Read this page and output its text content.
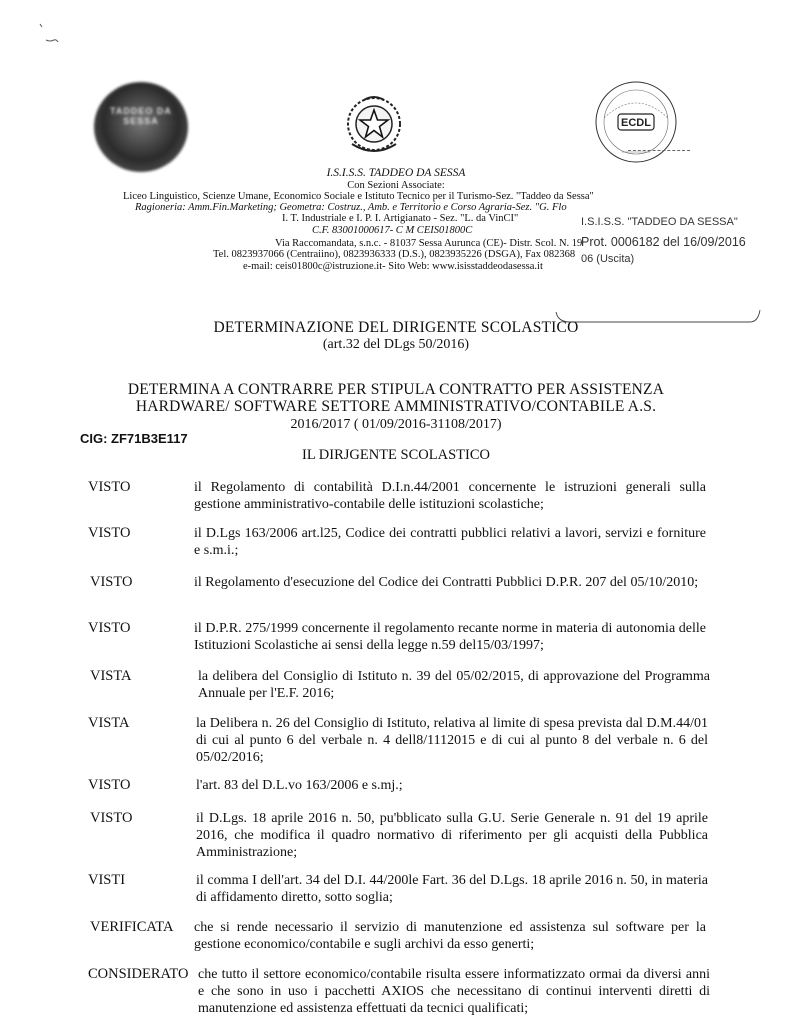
TADDEO DA SESSA	ECDL
I.S.I.S.S. TADDEO DA SESSA
Con Sezioni Associate:
Liceo Linguistico, Scienze Umane, Economico Sociale e Istituto Tecnico per il Turismo-Sez. "Taddeo da Sessa"
Ragioneria: Amm.Fin.Marketing; Geometra: Costruz., Amb. e Territorio e Corso Agraria-Sez. "G. Flo
I. T. Industriale e I. P. I. Artigianato - Sez. "L. da VinCI"
C.F. 83001000617- C M CEIS01800C
Via Raccomandata, s.n.c. - 81037 Sessa Aurunca (CE)- Distr. Scol. N. 19
Tel. 0823937066 (Centraiino), 0823936333 (D.S.), 0823935226 (DSGA), Fax 082368
e-mail: ceis01800c@istruzione.it- Sito Web: www.isisstaddeodasessa.it
I.S.I.S.S. "TADDEO DA SESSA"
Prot. 0006182 del 16/09/2016
06 (Uscita)
DETERMINAZIONE DEL DIRIGENTE SCOLASTICO
(art.32 del DLgs 50/2016)
DETERMINA A CONTRARRE PER STIPULA CONTRATTO PER ASSISTENZA
HARDWARE/ SOFTWARE SETTORE AMMINISTRATIVO/CONTABILE A.S.
2016/2017 ( 01/09/2016-31108/2017)
CIG: ZF71B3E117
IL DIRJGENTE SCOLASTICO
VISTO	il Regolamento di contabilità D.I.n.44/2001 concernente le istruzioni generali sulla gestione amministrativo-contabile delle istituzioni scolastiche;
VISTO	il D.Lgs 163/2006 art.l25, Codice dei contratti pubblici relativi a lavori, servizi e forniture e s.m.i.;
VISTO	il Regolamento d'esecuzione del Codice dei Contratti Pubblici D.P.R. 207 del 05/10/2010;
VISTO	il D.P.R. 275/1999 concernente il regolamento recante norme in materia di autonomia delle Istituzioni Scolastiche ai sensi della legge n.59 del15/03/1997;
VISTA	la delibera del Consiglio di Istituto n. 39 del 05/02/2015, di approvazione del Programma Annuale per l'E.F. 2016;
VISTA	la Delibera n. 26 del Consiglio di Istituto, relativa al limite di spesa prevista dal D.M.44/01 di cui al punto 6 del verbale n. 4 dell8/1112015 e di cui al punto 8 del verbale n. 6 del 05/02/2016;
VISTO	l'art. 83 del D.L.vo 163/2006 e s.mj.;
VISTO	il D.Lgs. 18 aprile 2016 n. 50, pu'bblicato sulla G.U. Serie Generale n. 91 del 19 aprile 2016, che modifica il quadro normativo di riferimento per gli acquisti della Pubblica Amministrazione;
VISTI	il comma I dell'art. 34 del D.I. 44/200le Fart. 36 del D.Lgs. 18 aprile 2016 n. 50, in materia di affidamento diretto, sotto soglia;
VERIFICATA che si rende necessario il servizio di manutenzione ed assistenza sul software per la gestione economico/contabile e sugli archivi da esso generti;
CONSIDERATO che tutto il settore economico/contabile risulta essere informatizzato ormai da diversi anni e che sono in uso i pacchetti AXIOS che necessitano di continui interventi diretti di manutenzione ed assistenza effettuati da tecnici qualificati;
